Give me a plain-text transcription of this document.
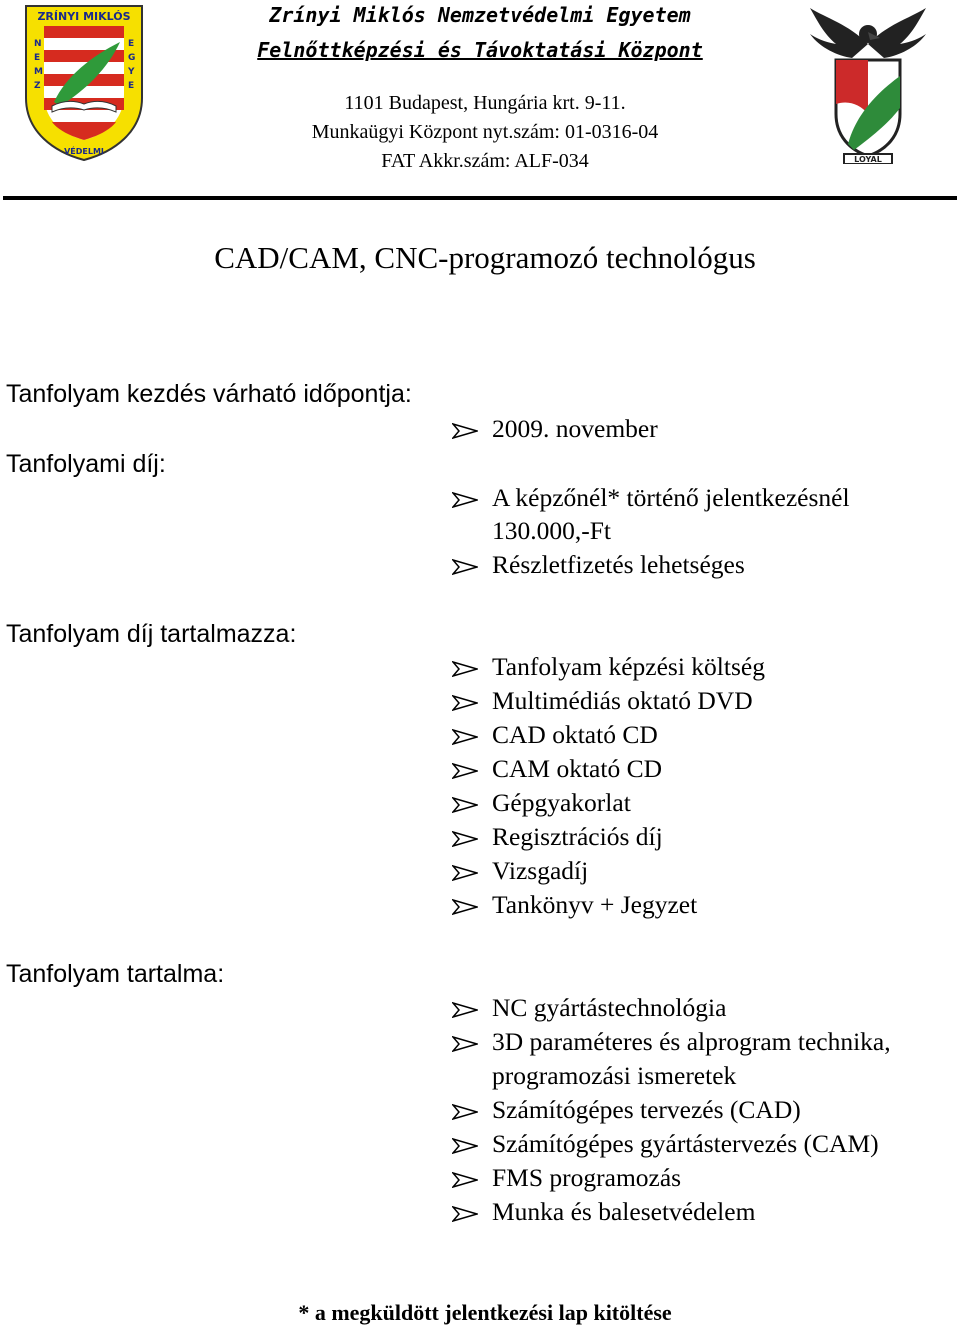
ZRÍNYI MIKLÓS
N
E
M
Z
E
G
Y
E
VÉDELMI
LOYAL
Zrínyi Miklós Nemzetvédelmi Egyetem
Felnőttképzési és Távoktatási Központ
1101 Budapest, Hungária krt. 9-11.
Munkaügyi Központ nyt.szám: 01-0316-04
FAT Akkr.szám: ALF-034
CAD/CAM, CNC-programozó technológus
Tanfolyam kezdés várható időpontja:
2009. november
Tanfolyami díj:
A képzőnél* történő jelentkezésnél
130.000,-Ft
Részletfizetés lehetséges
Tanfolyam díj tartalmazza:
Tanfolyam képzési költség
Multimédiás oktató DVD
CAD oktató CD
CAM oktató CD
Gépgyakorlat
Regisztrációs díj
Vizsgadíj
Tankönyv + Jegyzet
Tanfolyam tartalma:
NC gyártástechnológia
3D paraméteres és alprogram technika,
programozási ismeretek
Számítógépes tervezés (CAD)
Számítógépes gyártástervezés (CAM)
FMS programozás
Munka és balesetvédelem
* a megküldött jelentkezési lap kitöltése
